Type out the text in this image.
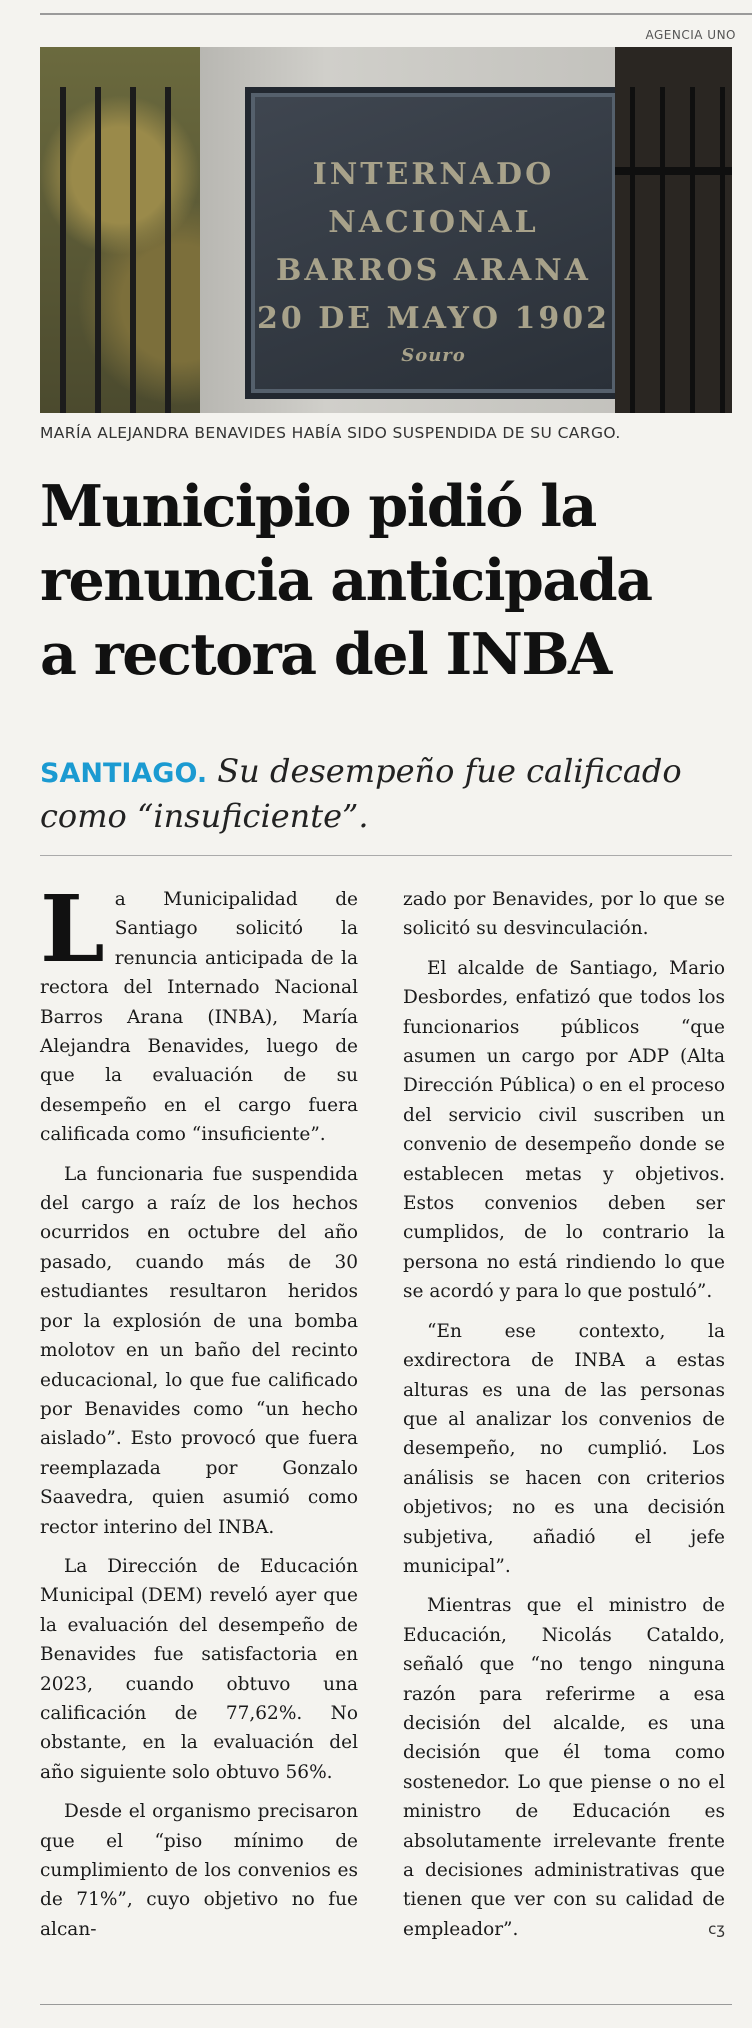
AGENCIA UNO
INTERNADO
NACIONAL
BARROS ARANA
20 DE MAYO 1902
Souro
MARÍA ALEJANDRA BENAVIDES HABÍA SIDO SUSPENDIDA DE SU CARGO.
Municipio pidió la
renuncia anticipada
a rectora del INBA
SANTIAGO. Su desempeño fue calificado como “insuficiente”.

La Municipalidad de Santiago solicitó la renuncia anticipada de la rectora del Internado Nacional Barros Arana (INBA), María Alejandra Benavides, luego de que la evaluación de su desempeño en el cargo fuera calificada como “insuficiente”.

La funcionaria fue suspendida del cargo a raíz de los hechos ocurridos en octubre del año pasado, cuando más de 30 estudiantes resultaron heridos por la explosión de una bomba molotov en un baño del recinto educacional, lo que fue calificado por Benavides como “un hecho aislado”. Esto provocó que fuera reemplazada por Gonzalo Saavedra, quien asumió como rector interino del INBA.

La Dirección de Educación Municipal (DEM) reveló ayer que la evaluación del desempeño de Benavides fue satisfactoria en 2023, cuando obtuvo una calificación de 77,62%. No obstante, en la evaluación del año siguiente solo obtuvo 56%.

Desde el organismo precisaron que el “piso mínimo de cumplimiento de los convenios es de 71%”, cuyo objetivo no fue alcan-

zado por Benavides, por lo que se solicitó su desvinculación.

El alcalde de Santiago, Mario Desbordes, enfatizó que todos los funcionarios públicos “que asumen un cargo por ADP (Alta Dirección Pública) o en el proceso del servicio civil suscriben un convenio de desempeño donde se establecen metas y objetivos. Estos convenios deben ser cumplidos, de lo contrario la persona no está rindiendo lo que se acordó y para lo que postuló”.

“En ese contexto, la exdirectora de INBA a estas alturas es una de las personas que al analizar los convenios de desempeño, no cumplió. Los análisis se hacen con criterios objetivos; no es una decisión subjetiva, añadió el jefe municipal”.

Mientras que el ministro de Educación, Nicolás Cataldo, señaló que “no tengo ninguna razón para referirme a esa decisión del alcalde, es una decisión que él toma como sostenedor. Lo que piense o no el ministro de Educación es absolutamente irrelevante frente a decisiones administrativas que tienen que ver con su calidad de empleador”.	ᴄʒ
